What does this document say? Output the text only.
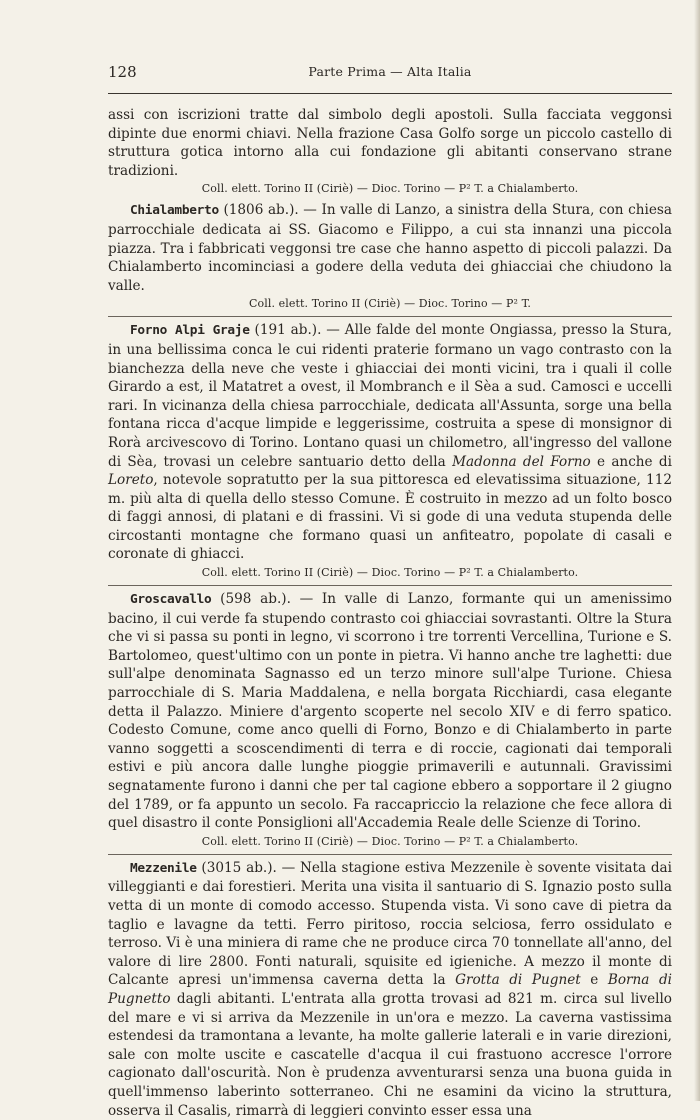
128	Parte Prima — Alta Italia

assi con iscrizioni tratte dal simbolo degli apostoli. Sulla facciata veggonsi dipinte due enormi chiavi. Nella frazione Casa Golfo sorge un piccolo castello di struttura gotica intorno alla cui fondazione gli abitanti conservano strane tradizioni.

Coll. elett. Torino II (Ciriè) — Dioc. Torino — P² T. a Chialamberto.

Chialamberto (1806 ab.). — In valle di Lanzo, a sinistra della Stura, con chiesa parrocchiale dedicata ai SS. Giacomo e Filippo, a cui sta innanzi una piccola piazza. Tra i fabbricati veggonsi tre case che hanno aspetto di piccoli palazzi. Da Chialamberto incominciasi a godere della veduta dei ghiacciai che chiudono la valle.

Coll. elett. Torino II (Ciriè) — Dioc. Torino — P² T.

Forno Alpi Graje (191 ab.). — Alle falde del monte Ongiassa, presso la Stura, in una bellissima conca le cui ridenti praterie formano un vago contrasto con la bianchezza della neve che veste i ghiacciai dei monti vicini, tra i quali il colle Girardo a est, il Matatret a ovest, il Mombranch e il Sèa a sud. Camosci e uccelli rari. In vicinanza della chiesa parrocchiale, dedicata all'Assunta, sorge una bella fontana ricca d'acque limpide e leggerissime, costruita a spese di monsignor di Rorà arcivescovo di Torino. Lontano quasi un chilometro, all'ingresso del vallone di Sèa, trovasi un celebre santuario detto della Madonna del Forno e anche di Loreto, notevole sopratutto per la sua pittoresca ed elevatissima situazione, 112 m. più alta di quella dello stesso Comune. È costruito in mezzo ad un folto bosco di faggi annosi, di platani e di frassini. Vi si gode di una veduta stupenda delle circostanti montagne che formano quasi un anfiteatro, popolate di casali e coronate di ghiacci.

Coll. elett. Torino II (Ciriè) — Dioc. Torino — P² T. a Chialamberto.

Groscavallo (598 ab.). — In valle di Lanzo, formante qui un amenissimo bacino, il cui verde fa stupendo contrasto coi ghiacciai sovrastanti. Oltre la Stura che vi si passa su ponti in legno, vi scorrono i tre torrenti Vercellina, Turione e S. Bartolomeo, quest'ultimo con un ponte in pietra. Vi hanno anche tre laghetti: due sull'alpe denominata Sagnasso ed un terzo minore sull'alpe Turione. Chiesa parrocchiale di S. Maria Maddalena, e nella borgata Ricchiardi, casa elegante detta il Palazzo. Miniere d'argento scoperte nel secolo XIV e di ferro spatico. Codesto Comune, come anco quelli di Forno, Bonzo e di Chialamberto in parte vanno soggetti a scoscendimenti di terra e di roccie, cagionati dai temporali estivi e più ancora dalle lunghe pioggie primaverili e autunnali. Gravissimi segnatamente furono i danni che per tal cagione ebbero a sopportare il 2 giugno del 1789, or fa appunto un secolo. Fa raccapriccio la relazione che fece allora di quel disastro il conte Ponsiglioni all'Accademia Reale delle Scienze di Torino.

Coll. elett. Torino II (Ciriè) — Dioc. Torino — P² T. a Chialamberto.

Mezzenile (3015 ab.). — Nella stagione estiva Mezzenile è sovente visitata dai villeggianti e dai forestieri. Merita una visita il santuario di S. Ignazio posto sulla vetta di un monte di comodo accesso. Stupenda vista. Vi sono cave di pietra da taglio e lavagne da tetti. Ferro piritoso, roccia selciosa, ferro ossidulato e terroso. Vi è una miniera di rame che ne produce circa 70 tonnellate all'anno, del valore di lire 2800. Fonti naturali, squisite ed igieniche. A mezzo il monte di Calcante apresi un'immensa caverna detta la Grotta di Pugnet e Borna di Pugnetto dagli abitanti. L'entrata alla grotta trovasi ad 821 m. circa sul livello del mare e vi si arriva da Mezzenile in un'ora e mezzo. La caverna vastissima estendesi da tramontana a levante, ha molte gallerie laterali e in varie direzioni, sale con molte uscite e cascatelle d'acqua il cui frastuono accresce l'orrore cagionato dall'oscurità. Non è prudenza avventurarsi senza una buona guida in quell'immenso laberinto sotterraneo. Chi ne esamini da vicino la struttura, osserva il Casalis, rimarrà di leggieri convinto esser essa una
